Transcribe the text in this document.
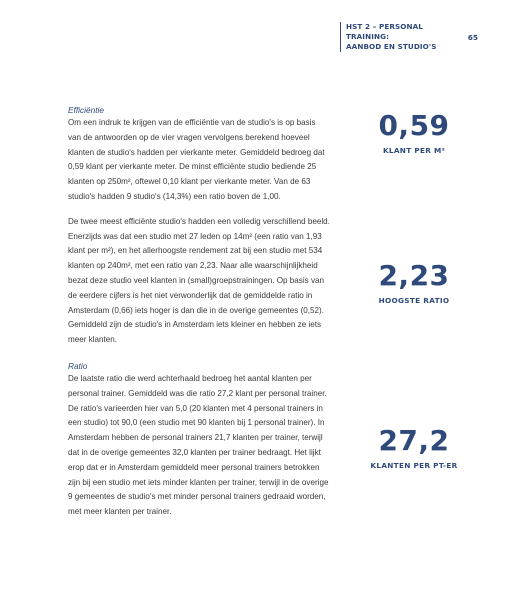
HST 2 – PERSONAL TRAINING:
AANBOD EN STUDIO'S
65
Efficiëntie

Om een indruk te krijgen van de efficiëntie van de studio's is op basis van de antwoorden op de vier vragen vervolgens berekend hoeveel klanten de studio's hadden per vierkante meter. Gemiddeld bedroeg dat 0,59 klant per vierkante meter. De minst efficiënte studio bediende 25 klanten op 250m², oftewel 0,10 klant per vierkante meter. Van de 63 studio's hadden 9 studio's (14,3%) een ratio boven de 1,00.

De twee meest efficiënte studio's hadden een volledig verschillend beeld. Enerzijds was dat een studio met 27 leden op 14m² (een ratio van 1,93 klant per m²), en het allerhoogste rendement zat bij een studio met 534 klanten op 240m², met een ratio van 2,23. Naar alle waarschijnlijkheid bezat deze studio veel klanten in (small)groepstrainingen. Op basis van de eerdere cijfers is het niet verwonderlijk dat de gemiddelde ratio in Amsterdam (0,66) iets hoger is dan die in de overige gemeentes (0,52). Gemiddeld zijn de studio's in Amsterdam iets kleiner en hebben ze iets meer klanten.

Ratio

De laatste ratio die werd achterhaald bedroeg het aantal klanten per personal trainer. Gemiddeld was die ratio 27,2 klant per personal trainer. De ratio's varieerden hier van 5,0 (20 klanten met 4 personal trainers in een studio) tot 90,0 (een studio met 90 klanten bij 1 personal trainer). In Amsterdam hebben de personal trainers 21,7 klanten per trainer, terwijl dat in de overige gemeentes 32,0 klanten per trainer bedraagt. Het lijkt erop dat er in Amsterdam gemiddeld meer personal trainers betrokken zijn bij een studio met iets minder klanten per trainer, terwijl in de overige 9 gemeentes de studio's met minder personal trainers gedraaid worden, met meer klanten per trainer.

0,59
KLANT PER M²
2,23
HOOGSTE RATIO
27,2
KLANTEN PER PT-ER
